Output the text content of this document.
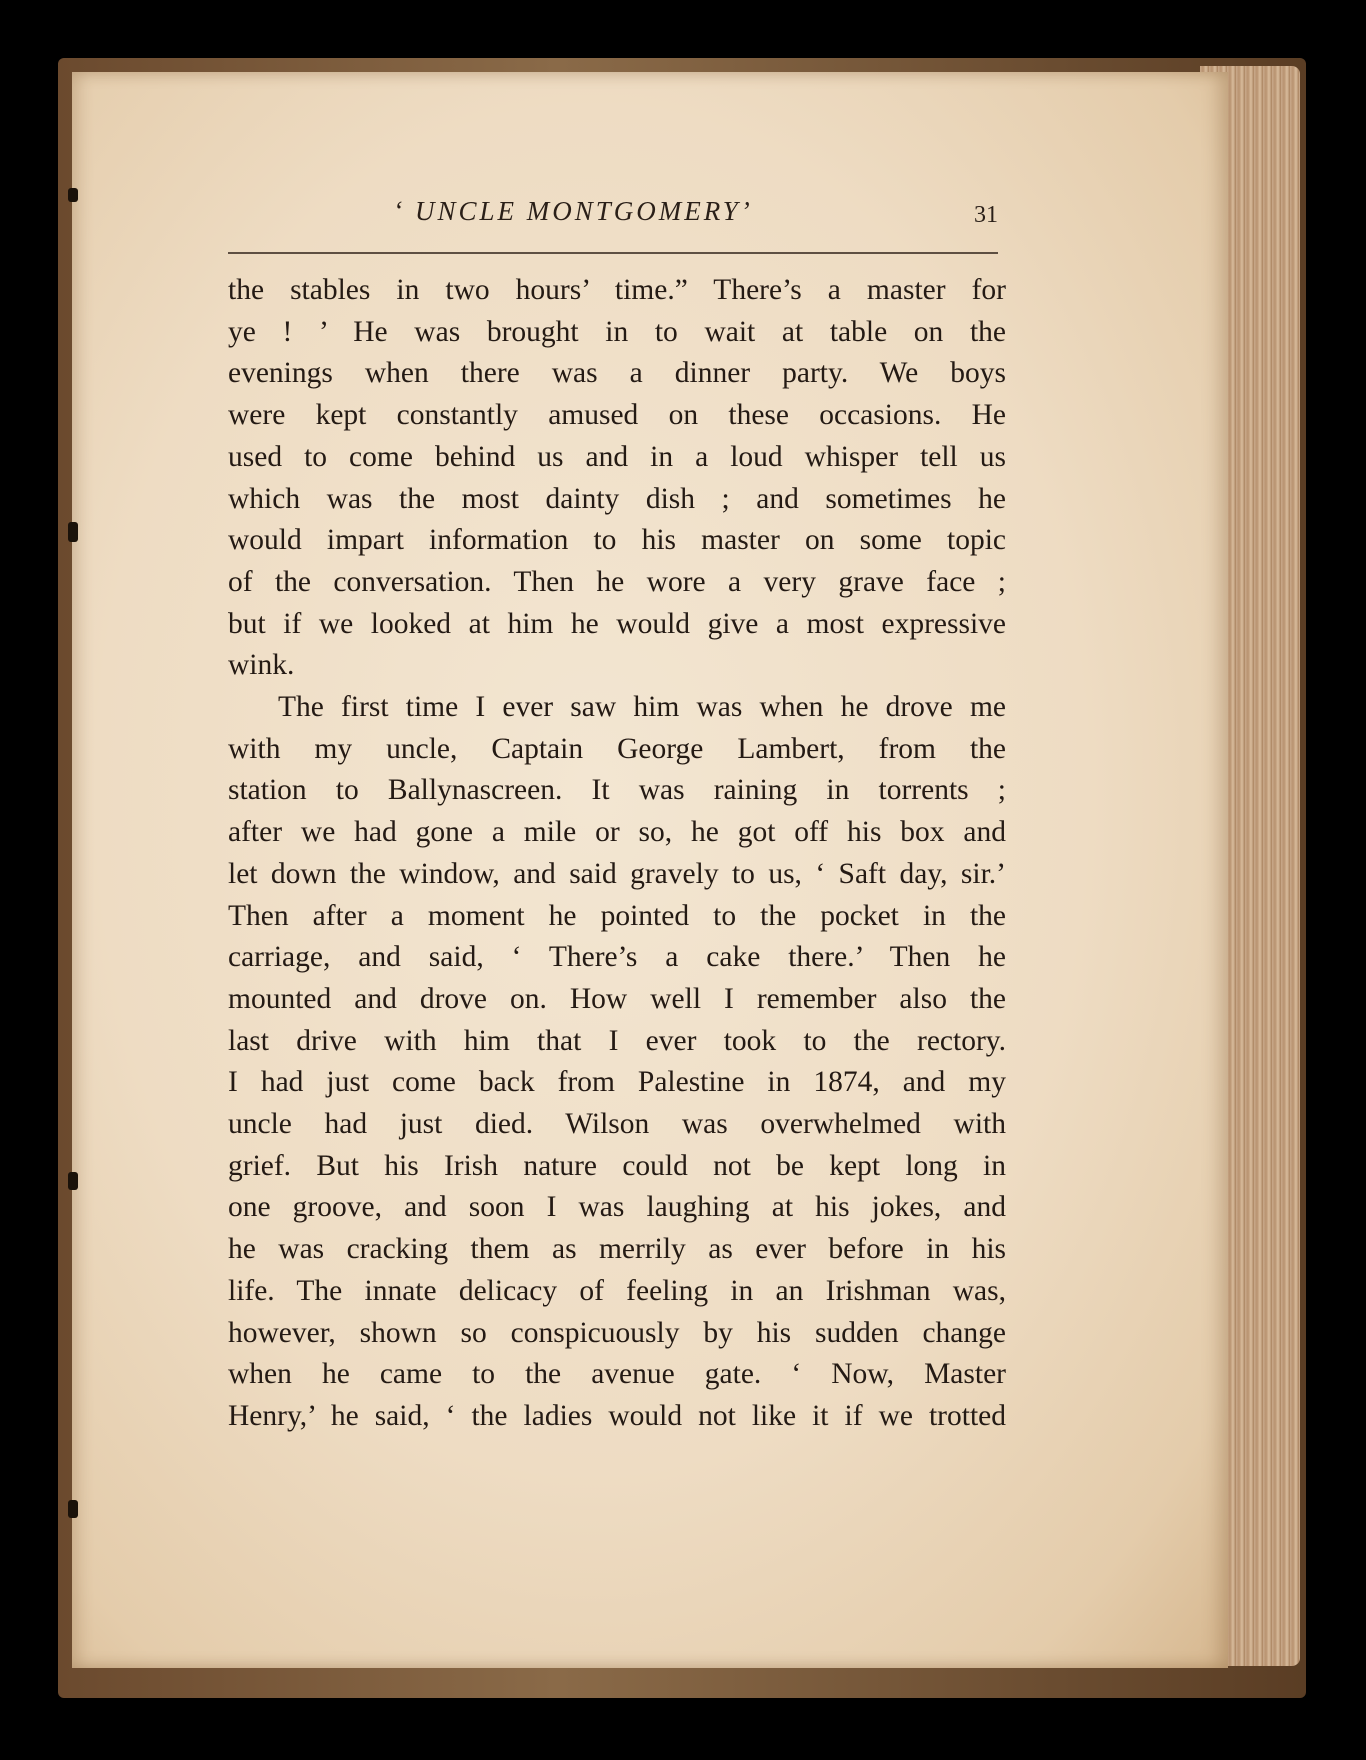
‘ UNCLE MONTGOMERY’	31
the stables in two hours’ time.” There’s a master for
ye ! ’ He was brought in to wait at table on the
evenings when there was a dinner party. We boys
were kept constantly amused on these occasions. He
used to come behind us and in a loud whisper tell us
which was the most dainty dish ; and sometimes he
would impart information to his master on some topic
of the conversation. Then he wore a very grave face ;
but if we looked at him he would give a most expressive
wink.
The first time I ever saw him was when he drove me
with my uncle, Captain George Lambert, from the
station to Ballynascreen. It was raining in torrents ;
after we had gone a mile or so, he got off his box and
let down the window, and said gravely to us, ‘ Saft day, sir.’
Then after a moment he pointed to the pocket in the
carriage, and said, ‘ There’s a cake there.’ Then he
mounted and drove on. How well I remember also the
last drive with him that I ever took to the rectory.
I had just come back from Palestine in 1874, and my
uncle had just died. Wilson was overwhelmed with
grief. But his Irish nature could not be kept long in
one groove, and soon I was laughing at his jokes, and
he was cracking them as merrily as ever before in his
life. The innate delicacy of feeling in an Irishman was,
however, shown so conspicuously by his sudden change
when he came to the avenue gate. ‘ Now, Master
Henry,’ he said, ‘ the ladies would not like it if we trotted
